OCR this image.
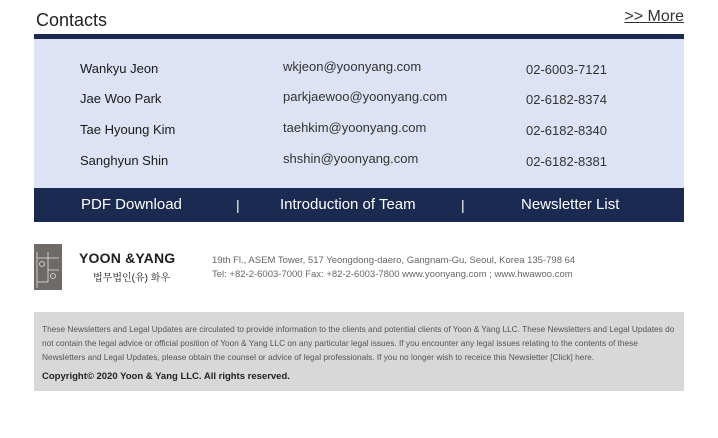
Contacts	>> More
Wankyu Jeon	wkjeon@yoonyang.com	02-6003-7121
Jae Woo Park	parkjaewoo@yoonyang.com	02-6182-8374
Tae Hyoung Kim	taehkim@yoonyang.com	02-6182-8340
Sanghyun Shin	shshin@yoonyang.com	02-6182-8381
PDF Download	|	Introduction of Team	|	Newsletter List
YOON &YANG
법무법인(유) 화우
19th Fl., ASEM Tower, 517 Yeongdong-daero, Gangnam-Gu, Seoul, Korea 135-798 64
Tel: +82-2-6003-7000 Fax: +82-2-6003-7800 www.yoonyang.com ; www.hwawoo.com
These Newsletters and Legal Updates are circulated to provide information to the clients and potential clients of Yoon & Yang LLC. These Newsletters and Legal Updates do not contain the legal advice or official position of Yoon & Yang LLC on any particular legal issues. If you encounter any legal issues relating to the contents of these Newsletters and Legal Updates, please obtain the counsel or advice of legal professionals. If you no longer wish to receice this Newsletter [Click] here.
Copyright© 2020 Yoon & Yang LLC. All rights reserved.
